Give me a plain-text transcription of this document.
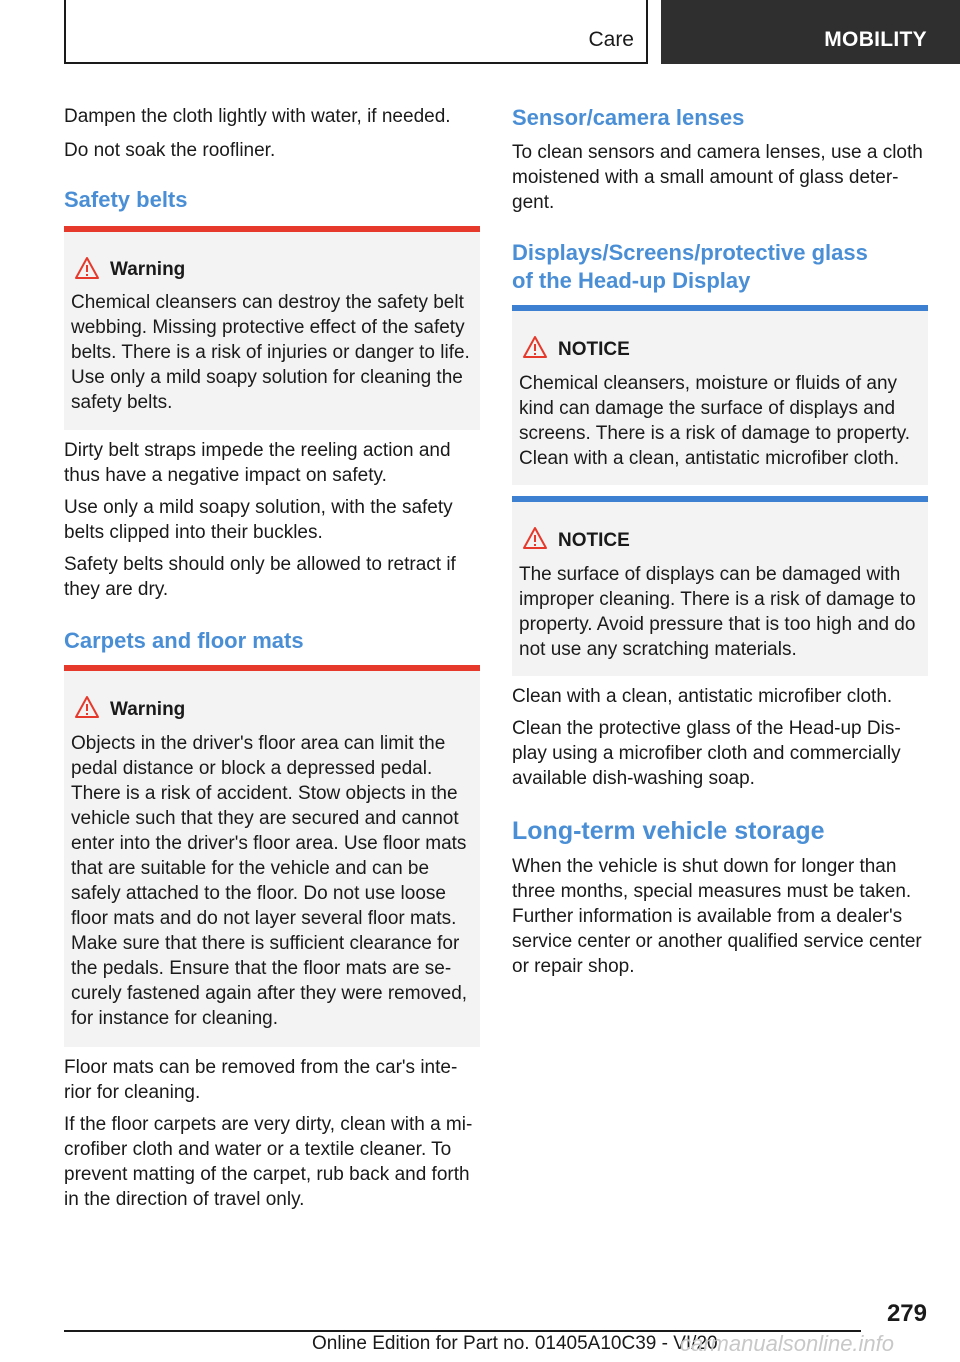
Care	MOBILITY

Dampen the cloth lightly with water, if needed.

Do not soak the roofliner.

Safety belts
Warning

Chemical cleansers can destroy the safety belt

webbing. Missing protective effect of the safety

belts. There is a risk of injuries or danger to life.

Use only a mild soapy solution for cleaning the

safety belts.

Dirty belt straps impede the reeling action and

thus have a negative impact on safety.

Use only a mild soapy solution, with the safety

belts clipped into their buckles.

Safety belts should only be allowed to retract if

they are dry.

Carpets and floor mats
Warning

Objects in the driver's floor area can limit the

pedal distance or block a depressed pedal.

There is a risk of accident. Stow objects in the

vehicle such that they are secured and cannot

enter into the driver's floor area. Use floor mats

that are suitable for the vehicle and can be

safely attached to the floor. Do not use loose

floor mats and do not layer several floor mats.

Make sure that there is sufficient clearance for

the pedals. Ensure that the floor mats are se‐

curely fastened again after they were removed,

for instance for cleaning.

Floor mats can be removed from the car's inte‐

rior for cleaning.

If the floor carpets are very dirty, clean with a mi‐

crofiber cloth and water or a textile cleaner. To

prevent matting of the carpet, rub back and forth

in the direction of travel only.

Sensor/camera lenses

To clean sensors and camera lenses, use a cloth

moistened with a small amount of glass deter‐

gent.

Displays/Screens/protective glass
of the Head-up Display
NOTICE

Chemical cleansers, moisture or fluids of any

kind can damage the surface of displays and

screens. There is a risk of damage to property.

Clean with a clean, antistatic microfiber cloth.

NOTICE

The surface of displays can be damaged with

improper cleaning. There is a risk of damage to

property. Avoid pressure that is too high and do

not use any scratching materials.

Clean with a clean, antistatic microfiber cloth.

Clean the protective glass of the Head-up Dis‐

play using a microfiber cloth and commercially

available dish-washing soap.

Long-term vehicle storage

When the vehicle is shut down for longer than

three months, special measures must be taken.

Further information is available from a dealer's

service center or another qualified service center

or repair shop.

279
Online Edition for Part no. 01405A10C39 - VI/20
carmanualsonline.info
